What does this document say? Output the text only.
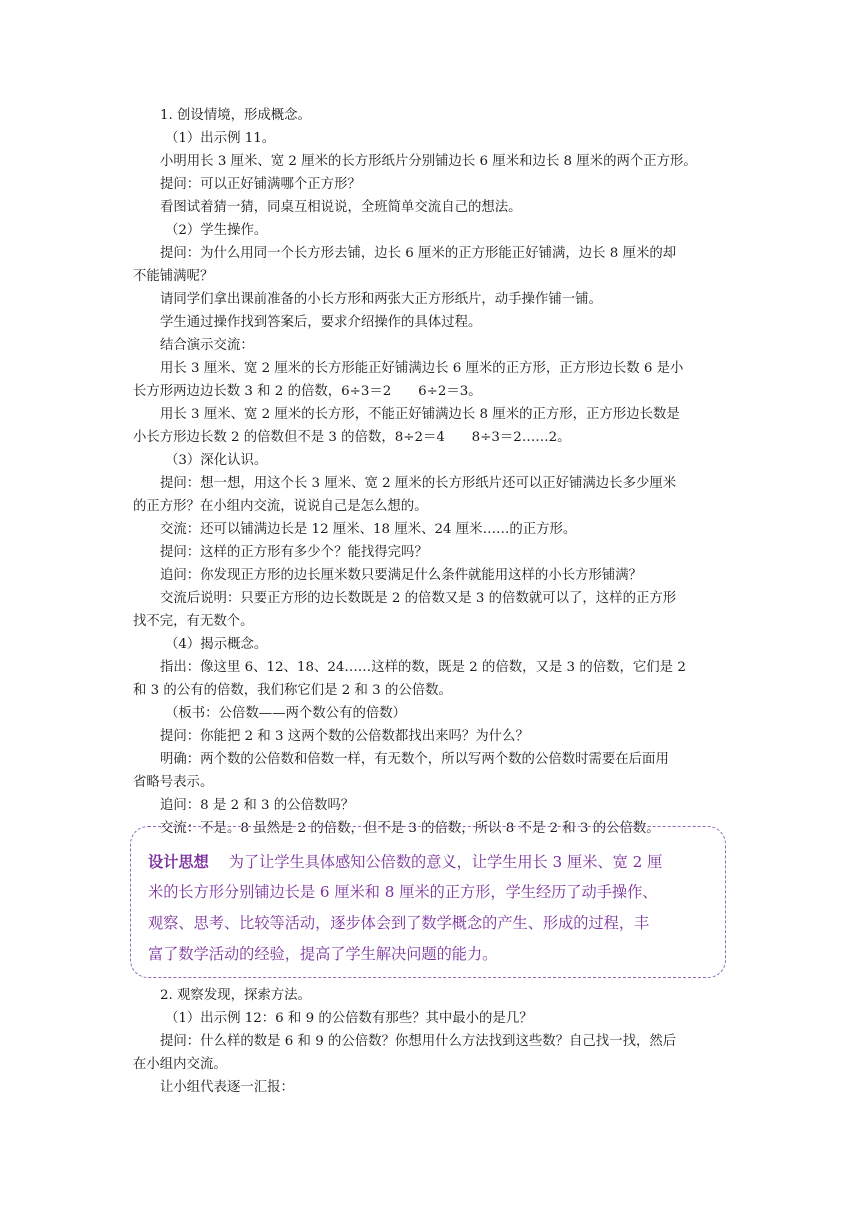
1. 创设情境，形成概念。

（1）出示例 11。

小明用长 3 厘米、宽 2 厘米的长方形纸片分别铺边长 6 厘米和边长 8 厘米的两个正方形。

提问：可以正好铺满哪个正方形？

看图试着猜一猜，同桌互相说说，全班简单交流自己的想法。

（2）学生操作。

提问：为什么用同一个长方形去铺，边长 6 厘米的正方形能正好铺满，边长 8 厘米的却

不能铺满呢？

请同学们拿出课前准备的小长方形和两张大正方形纸片，动手操作铺一铺。

学生通过操作找到答案后，要求介绍操作的具体过程。

结合演示交流：

用长 3 厘米、宽 2 厘米的长方形能正好铺满边长 6 厘米的正方形，正方形边长数 6 是小

长方形两边边长数 3 和 2 的倍数，6÷3＝2　　6÷2＝3。

用长 3 厘米、宽 2 厘米的长方形，不能正好铺满边长 8 厘米的正方形，正方形边长数是

小长方形边长数 2 的倍数但不是 3 的倍数，8÷2＝4　　8÷3＝2……2。

（3）深化认识。

提问：想一想，用这个长 3 厘米、宽 2 厘米的长方形纸片还可以正好铺满边长多少厘米

的正方形？在小组内交流，说说自己是怎么想的。

交流：还可以铺满边长是 12 厘米、18 厘米、24 厘米……的正方形。

提问：这样的正方形有多少个？能找得完吗？

追问：你发现正方形的边长厘米数只要满足什么条件就能用这样的小长方形铺满？

交流后说明：只要正方形的边长数既是 2 的倍数又是 3 的倍数就可以了，这样的正方形

找不完，有无数个。

（4）揭示概念。

指出：像这里 6、12、18、24……这样的数，既是 2 的倍数，又是 3 的倍数，它们是 2

和 3 的公有的倍数，我们称它们是 2 和 3 的公倍数。

（板书：公倍数——两个数公有的倍数）

提问：你能把 2 和 3 这两个数的公倍数都找出来吗？为什么？

明确：两个数的公倍数和倍数一样，有无数个，所以写两个数的公倍数时需要在后面用

省略号表示。

追问：8 是 2 和 3 的公倍数吗？

交流：不是。8 虽然是 2 的倍数，但不是 3 的倍数，所以 8 不是 2 和 3 的公倍数。

设计思想　 为了让学生具体感知公倍数的意义，让学生用长 3 厘米、宽 2 厘

米的长方形分别铺边长是 6 厘米和 8 厘米的正方形，学生经历了动手操作、

观察、思考、比较等活动，逐步体会到了数学概念的产生、形成的过程，丰

富了数学活动的经验，提高了学生解决问题的能力。

2. 观察发现，探索方法。

（1）出示例 12：6 和 9 的公倍数有那些？其中最小的是几？

提问：什么样的数是 6 和 9 的公倍数？你想用什么方法找到这些数？自己找一找，然后

在小组内交流。

让小组代表逐一汇报：
